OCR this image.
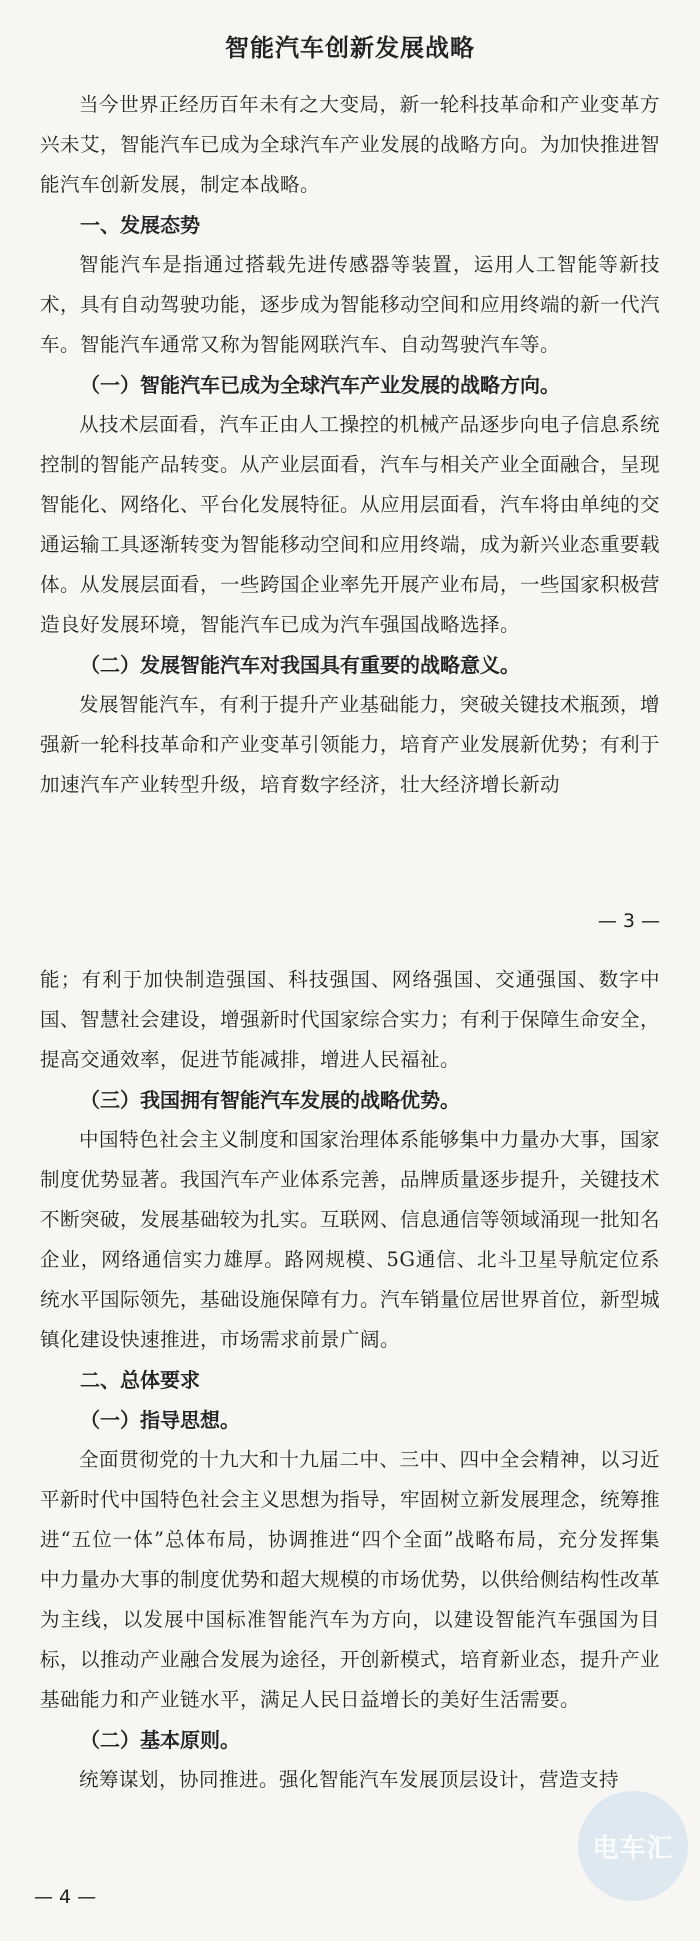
智能汽车创新发展战略

当今世界正经历百年未有之大变局，新一轮科技革命和产业变革方兴未艾，智能汽车已成为全球汽车产业发展的战略方向。为加快推进智能汽车创新发展，制定本战略。

一、发展态势

智能汽车是指通过搭载先进传感器等装置，运用人工智能等新技术，具有自动驾驶功能，逐步成为智能移动空间和应用终端的新一代汽车。智能汽车通常又称为智能网联汽车、自动驾驶汽车等。

（一）智能汽车已成为全球汽车产业发展的战略方向。

从技术层面看，汽车正由人工操控的机械产品逐步向电子信息系统控制的智能产品转变。从产业层面看，汽车与相关产业全面融合，呈现智能化、网络化、平台化发展特征。从应用层面看，汽车将由单纯的交通运输工具逐渐转变为智能移动空间和应用终端，成为新兴业态重要载体。从发展层面看，一些跨国企业率先开展产业布局，一些国家积极营造良好发展环境，智能汽车已成为汽车强国战略选择。

（二）发展智能汽车对我国具有重要的战略意义。

发展智能汽车，有利于提升产业基础能力，突破关键技术瓶颈，增强新一轮科技革命和产业变革引领能力，培育产业发展新优势；有利于加速汽车产业转型升级，培育数字经济，壮大经济增长新动

— 3 —

能；有利于加快制造强国、科技强国、网络强国、交通强国、数字中国、智慧社会建设，增强新时代国家综合实力；有利于保障生命安全，提高交通效率，促进节能减排，增进人民福祉。

（三）我国拥有智能汽车发展的战略优势。

中国特色社会主义制度和国家治理体系能够集中力量办大事，国家制度优势显著。我国汽车产业体系完善，品牌质量逐步提升，关键技术不断突破，发展基础较为扎实。互联网、信息通信等领域涌现一批知名企业，网络通信实力雄厚。路网规模、5G通信、北斗卫星导航定位系统水平国际领先，基础设施保障有力。汽车销量位居世界首位，新型城镇化建设快速推进，市场需求前景广阔。

二、总体要求
（一）指导思想。

全面贯彻党的十九大和十九届二中、三中、四中全会精神，以习近平新时代中国特色社会主义思想为指导，牢固树立新发展理念，统筹推进“五位一体”总体布局，协调推进“四个全面”战略布局，充分发挥集中力量办大事的制度优势和超大规模的市场优势，以供给侧结构性改革为主线，以发展中国标准智能汽车为方向，以建设智能汽车强国为目标，以推动产业融合发展为途径，开创新模式，培育新业态，提升产业基础能力和产业链水平，满足人民日益增长的美好生活需要。

（二）基本原则。

统筹谋划，协同推进。强化智能汽车发展顶层设计，营造支持

— 4 —
电车汇
